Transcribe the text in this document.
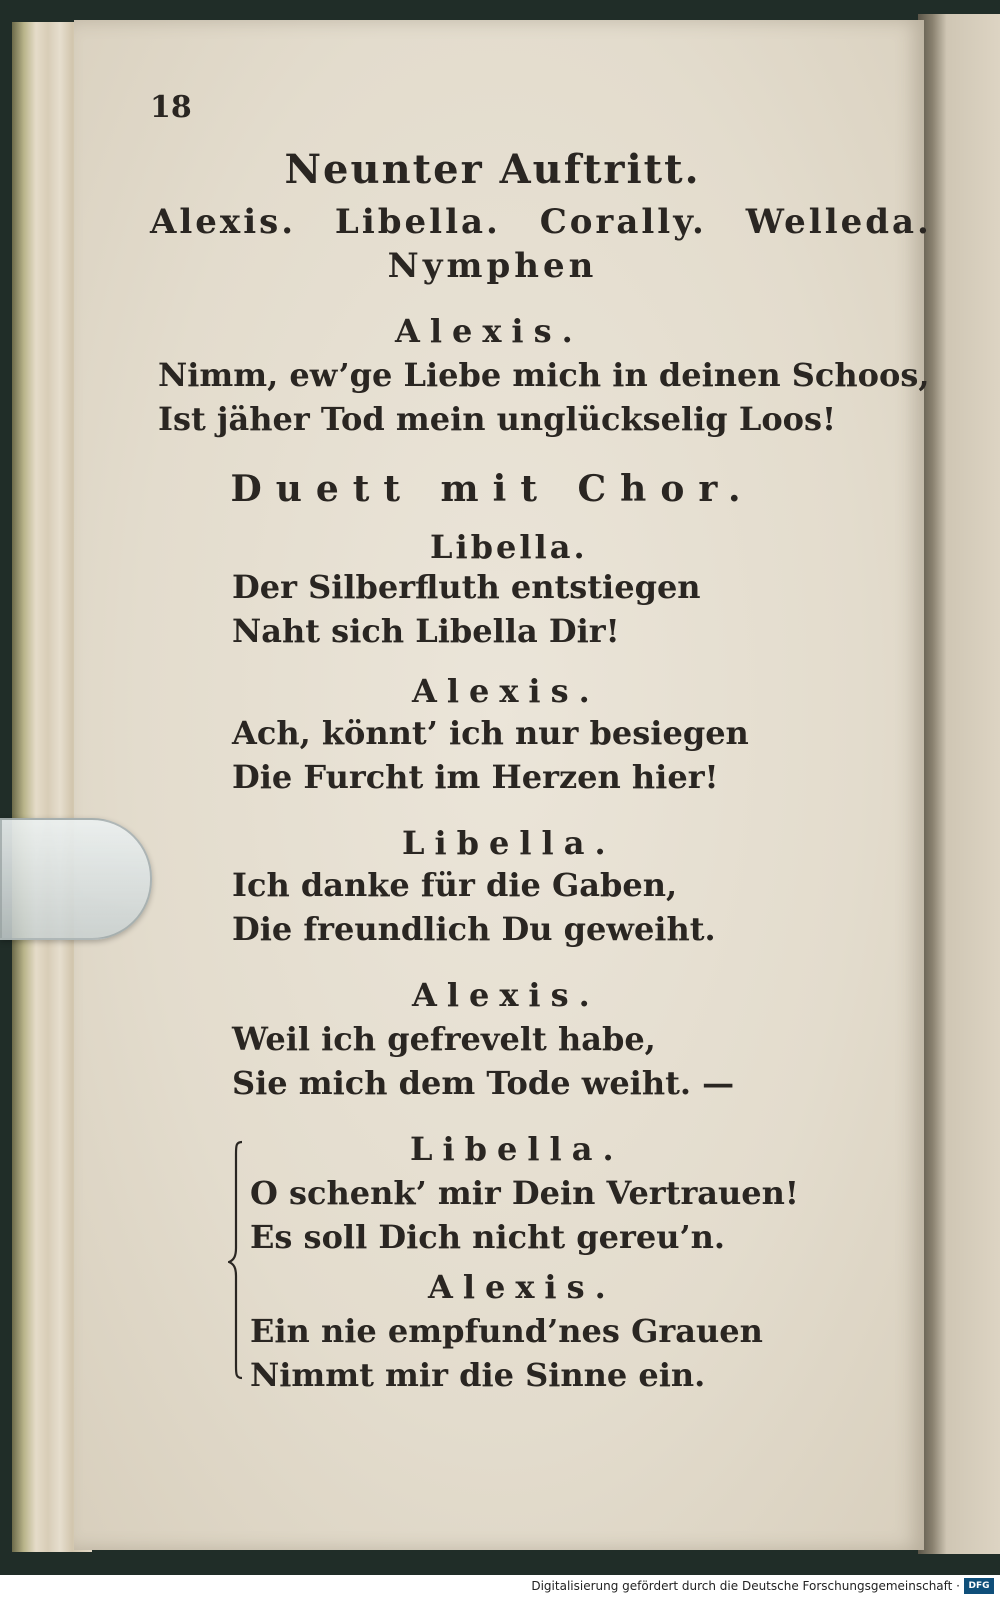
18
Neunter Auftritt.
Alexis. Libella. Corally. Welleda.
Nymphen
Alexis.
Nimm, ew’ge Liebe mich in deinen Schoos,
Ist jäher Tod mein unglückselig Loos!
Duett mit Chor.
Libella.
Der Silberfluth entstiegen
Naht sich Libella Dir!
Alexis.
Ach, könnt’ ich nur besiegen
Die Furcht im Herzen hier!
Libella.
Ich danke für die Gaben,
Die freundlich Du geweiht.
Alexis.
Weil ich gefrevelt habe,
Sie mich dem Tode weiht. —
Libella.
O schenk’ mir Dein Vertrauen!
Es soll Dich nicht gereu’n.
Alexis.
Ein nie empfund’nes Grauen
Nimmt mir die Sinne ein.
Digitalisierung gefördert durch die Deutsche Forschungsgemeinschaft · DFG
